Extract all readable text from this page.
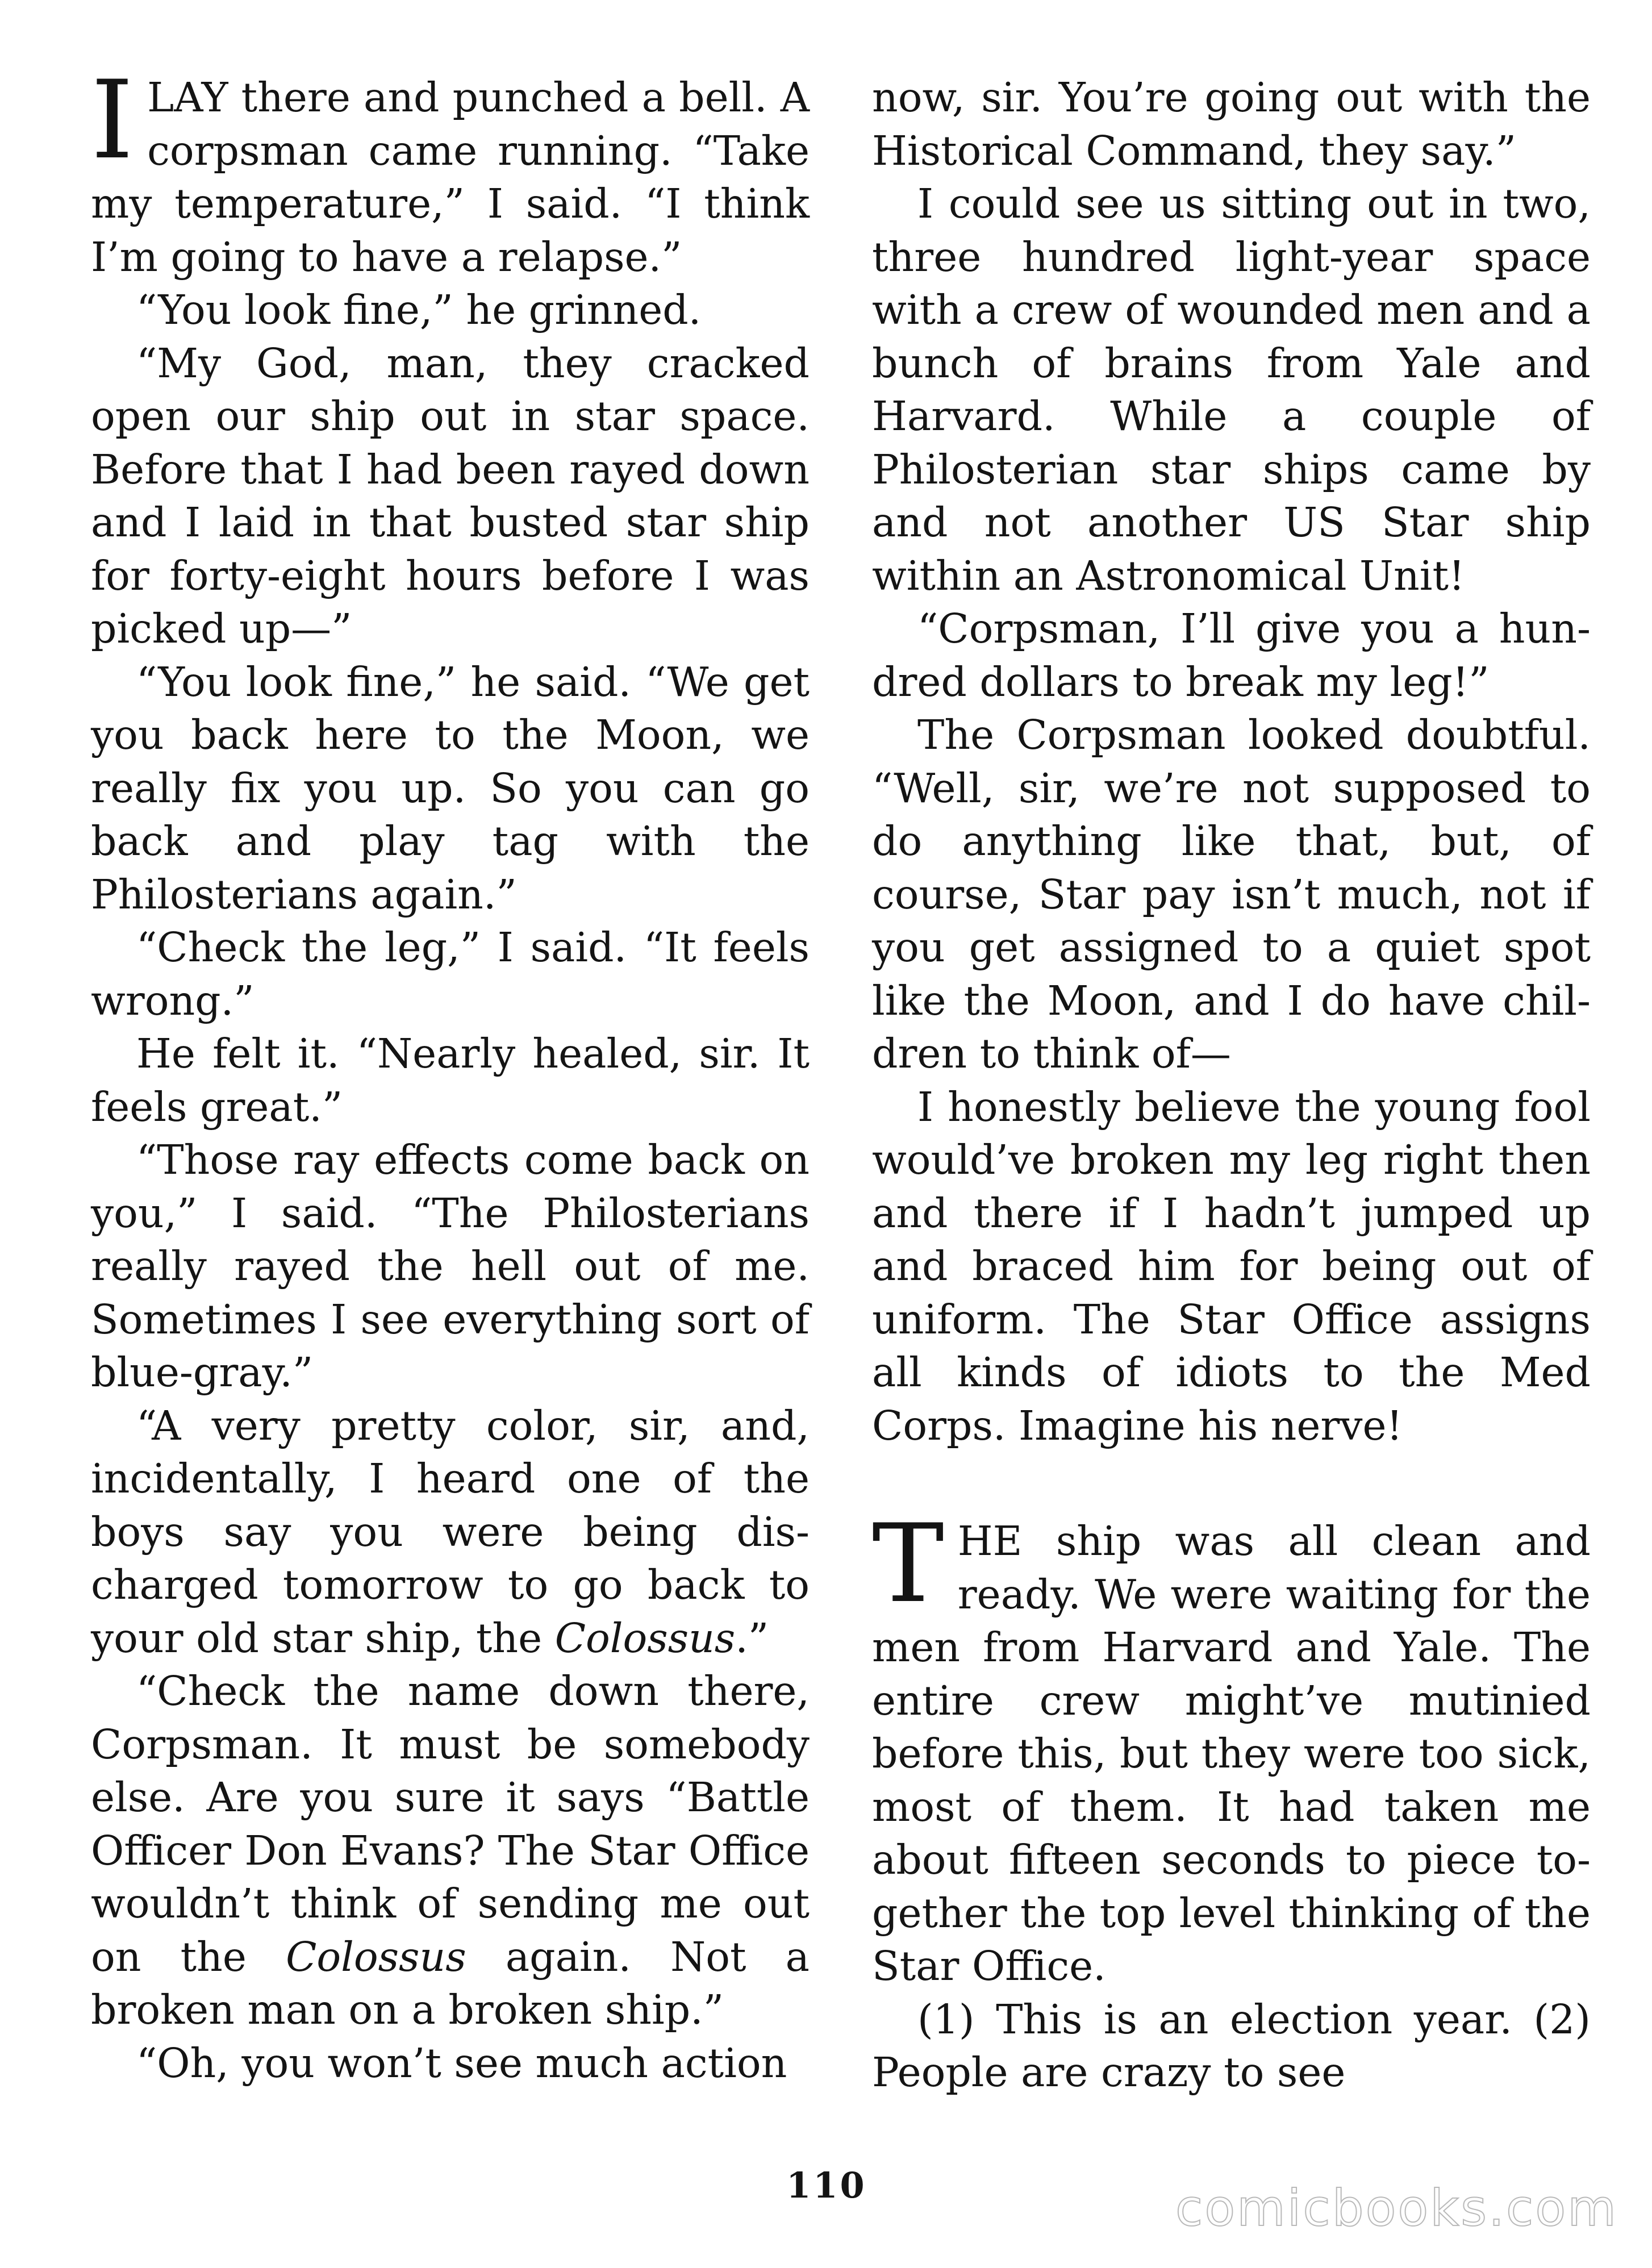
I LAY there and punched a bell. A corpsman came running. “Take my temperature,” I said. “I think I’m going to have a relapse.”

“You look fine,” he grinned.

“My God, man, they cracked open our ship out in star space. Before that I had been rayed down and I laid in that busted star ship for forty-eight hours before I was picked up—”

“You look fine,” he said. “We get you back here to the Moon, we really fix you up. So you can go back and play tag with the Philosterians again.”

“Check the leg,” I said. “It feels wrong.”

He felt it. “Nearly healed, sir. It feels great.”

“Those ray effects come back on you,” I said. “The Philosterians really rayed the hell out of me. Sometimes I see everything sort of blue-gray.”

“A very pretty color, sir, and, incidentally, I heard one of the boys say you were being discharged tomorrow to go back to your old star ship, the Colossus.”

“Check the name down there, Corpsman. It must be somebody else. Are you sure it says “Battle Officer Don Evans? The Star Office wouldn’t think of sending me out on the Colossus again. Not a broken man on a broken ship.”

“Oh, you won’t see much action

now, sir. You’re going out with the Historical Command, they say.”

I could see us sitting out in two, three hundred light-year space with a crew of wounded men and a bunch of brains from Yale and Harvard. While a couple of Philosterian star ships came by and not another US Star ship within an Astronomical Unit!

“Corpsman, I’ll give you a hundred dollars to break my leg!”

The Corpsman looked doubtful. “Well, sir, we’re not supposed to do anything like that, but, of course, Star pay isn’t much, not if you get assigned to a quiet spot like the Moon, and I do have children to think of—

I honestly believe the young fool would’ve broken my leg right then and there if I hadn’t jumped up and braced him for being out of uniform. The Star Office assigns all kinds of idiots to the Med Corps. Imagine his nerve!

THE ship was all clean and ready. We were waiting for the men from Harvard and Yale. The entire crew might’ve mutinied before this, but they were too sick, most of them. It had taken me about fifteen seconds to piece together the top level thinking of the Star Office.

(1) This is an election year. (2) People are crazy to see

110	comicbooks.com
